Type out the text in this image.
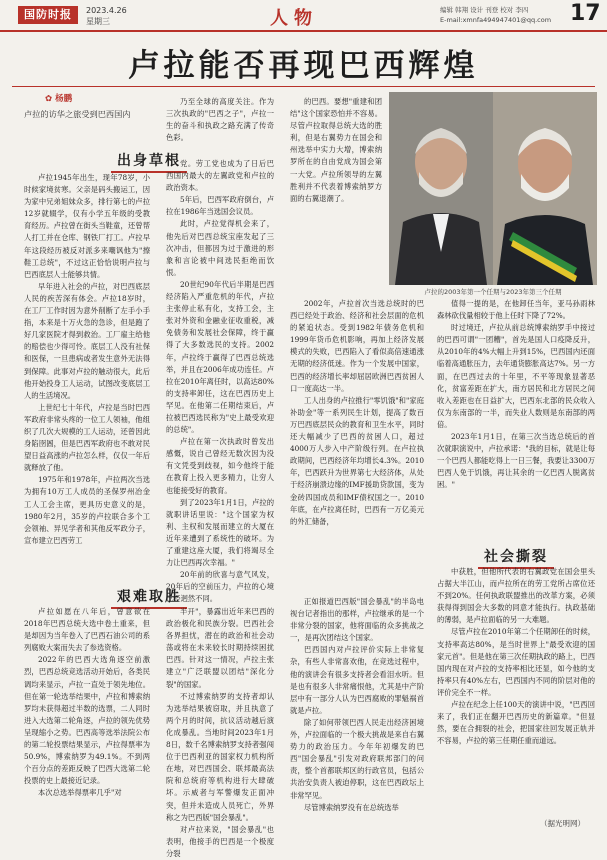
国防时报	2023.4.26
星期三	人物	编辑 韩翔 设计 刊登 校对 李四
E-mail:xmnfa494947401@qq.com 17
卢拉能否再现巴西辉煌
✿ 杨鹏
卢拉的访华之旅受到巴西国内
乃至全球的高度关注。作为三次执政的"巴西之子"，卢拉一生的奋斗和执政之路充满了传奇色彩。
的巴西。要想"重建和团结"这个国家恐怕并不容易。尽管卢拉取得总统大选的胜利，但是右翼势力在国会和州选举中实力大增，博索纳罗所在的自由党成为国会第一大党。卢拉所领导的左翼胜利并不代表着博索纳罗方面的右翼退潮了。
卢拉的2003年第一个任期与2023年第三个任期
出身草根

卢拉1945年出生，现年78岁，小时候家境贫寒。父亲是码头搬运工，因为家中兄弟姐妹众多，排行第七的卢拉12岁就辍学，仅有小学五年级的受教育经历。卢拉曾在街头当鞋童，还曾帮人打工并在仓库、钢铁厂打工。卢拉早年这段经历被反对派多来嘲讽他为"擦鞋工总统"，不过这正恰恰说明卢拉与巴西底层人士能够共情。

早年进入社会的卢拉，对巴西底层人民的疾苦深有体会。卢拉18岁时，在工厂工作时因为意外削断了左手小手指，本来是十万火急的急诊，但是跑了好几家医院才得到救治。工厂雇主给他的赔偿也少得可怜。底层工人没有社保和医保，一旦患病或者发生意外无法得到保障。此事对卢拉的触动很大，此后他开始投身工人运动，试图改变底层工人的生活境况。

上世纪七十年代，卢拉是当时巴西军政府非常头疼的一位工人领袖，他组织了几次大规模的工人运动，还曾因此身陷囹圄，但是巴西军政府也不敢对民望日益高涨的卢拉怎么样，仅仅一年后就释放了他。

1975年和1978年，卢拉两次当选为拥有10万工人成员的圣保罗州冶金工人工会主席，更具历史意义的是，1980年2月，35岁的卢拉联合多个工会领袖、异见学者和其他反军政分子，宣布建立巴西劳工

党。劳工党也成为了日后巴西国内最大的左翼政党和卢拉的政治资本。

5年后，巴西军政府倒台，卢拉在1986年当选国会议员。

此时，卢拉觉得机会来了，他先后对巴西总统宝座发起了三次冲击，但都因为过于激进的形象和言论被中间选民拒绝而饮恨。

20世纪90年代后半期是巴西经济陷入严重危机的年代，卢拉主张停止私有化，支持工会，主张对外资和金融业征收重税，减免债务和发展社会保障，终于赢得了大多数选民的支持。2002年，卢拉终于赢得了巴西总统选举，并且在2006年成功连任。卢拉在2010年离任时，以高达80%的支持率卸任，这在巴西历史上罕见。在他第二任期结束后，卢拉被巴西选民称为"史上最受欢迎的总统"。

卢拉在第一次执政时曾发出感慨，说自己曾经无数次因为没有文凭受到歧视，如今他终于能在教育上投入更多精力，让穷人也能接受好的教育。

到了2023年1月1日，卢拉的就职讲话里说："这个国家为权利、主权和发展而建立的大厦在近年来遭到了系统性的破坏。为了重建这座大厦，我们将竭尽全力让巴西再次幸福。"

20年前的欣喜与意气风发，20年后的空前压力，卢拉的心境已经迥然不同。

2002年，卢拉首次当选总统时的巴西已经处于政治、经济和社会层面的危机的紧追状态。受到1982年债务危机和1999年货币危机影响，再加上经济发展模式的失败，巴西陷入了看似高倍速通涨无期的经济低迷。作为一个发展中国家，巴西的经济增长率却屈居欧洲巴西贫困人口一度高达一半。

工人出身的卢拉推行"零饥饿"和"家庭补助金"等一系列民生计划，提高了数百万巴西底层民众的教育和卫生水平，同时还大幅减少了巴西的贫困人口，超过4000万人步入中产阶级行列。在卢拉执政期间，巴西经济年均增长4.3%。2010年，巴西跃升为世界第七大经济体，从处于经济崩溃边缘的IMF援助贷款国，变为金砖四国成员和IMF债权国之一。2010年底，在卢拉离任时，巴西有一万亿美元的外汇储备，

值得一提的是，在他卸任当年，亚马孙雨林森林砍伐量相较于他上任时下降了72%。

时过境迁，卢拉从前总统博索纳罗手中接过的巴西可谓"一团糟"，首先是国人口疫降反升，从2010年的4%大幅上升到15%，巴西国内还面临着高通胀压力，去年通货膨胀高达7%。另一方面，在巴西过去的十年里，不平等现象显著恶化，贫富差距在扩大，南方居民和北方居民之间收入差距也在日益扩大，巴西东北部的民众收入仅为东南部的一半，而失业人数则是东南部的两倍。

2023年1月1日，在第三次当选总统后的首次就职演说中，卢拉承诺："我的目标，就是让每一个巴西人都能吃得上一日三餐，我要让3300万巴西人免于饥饿，再让其余的一亿巴西人脱离贫困。"

艰难取胜
社会撕裂

卢拉如愿在八年后，曾意欲在2018年巴西总统大选中卷土重来，但是却因为当年卷入了巴西石油公司的系列腐败大案而失去了参选资格。

2022年的巴西大选角逐空前激烈，巴西总统竞选活动开始后，各类民调均来显示，卢拉一直处于领先地位。但在第一轮选举结果中，卢拉和博索纳罗均未获得超过半数的选票，二人同时进入大选第二轮角逐，卢拉的领先优势呈现缩小之势。巴西高等选举法院公布的第二轮投票结果显示，卢拉得票率为50.9%，博索纳罗为49.1%。不到两个百分点的差距反映了巴西大选第二轮投票的史上最接近记录。

本次总选举得票率几乎"对

半开"，暴露出近年来巴西的政治极化和民族分裂。巴西社会各界担忧，潜在的政治和社会动荡或将在未来较长时期持续困扰巴西。针对这一情况，卢拉主张建立"广泛联盟以团结"深化分裂"的国家。

不过博索纳罗的支持者却认为选举结果被窃取，并且执意了两个月的时间，抗议活动越后演化成暴乱。当地时间2023年1月8日，数千名博索纳罗支持者强闯位于巴西利亚的国家权力机构所在地，对巴西国会、联邦最高法院和总统府等机构进行大肆破坏。示威者与军警爆发正面冲突，但并未造成人员死亡，外界称之为巴西版"国会暴乱"。

对卢拉来说，"国会暴乱"也表明，他接手的巴西是一个极度分裂

正如报道巴西版"国会暴乱"的半岛电视台记者指出的那样，卢拉继承的是一个非常分裂的国家，他将面临的众多挑战之一，是再次团结这个国家。

巴西国内对卢拉评价实际上非常复杂，有些人非常喜欢他，在竞选过程中，他的演讲会有很多支持者会看泪水听。但是也有很多人非常痛恨他，尤其是中产阶层中有一部分人认为巴西腐败的罪魁祸首就是卢拉。

除了如何带领巴西人民走出经济困境外，卢拉面临的一个极大挑战是来自右翼势力的政治压力。今年年初爆发的巴西"国会暴乱"引发对政府联邦部门的问责，整个首都联邦区的行政官员，包括公共治安负责人被迫停职，这在巴西政坛上非常罕见。

尽管博索纳罗没有在总统选举

中获胜，但他所代表的右翼政党在国会里头占据大半江山，而卢拉所在的劳工党所占席位还不到20%。任何执政联盟推出的改革方案，必须获得得到国会大多数的同意才能执行。执政基础的薄弱，是卢拉面临的另一大难题。

尽管卢拉在2010年第二个任期卸任的时候，支持率高达80%，是当时世界上"最受欢迎的国家元首"。但是他在第三次任期执政的路上，巴西国内现在对卢拉的支持率相比还显，如今他的支持率只有40%左右，巴西国内不同的阶层对他的评价完全不一样。

卢拉在纪念上任100天的演讲中说，"巴西回来了，我们正在翻开巴西历史的新篇章。"但显然，要在合拥裂的社会，把国家往回发展正轨并不容易，卢拉的第三任期任重而道远。

（据光明网）
